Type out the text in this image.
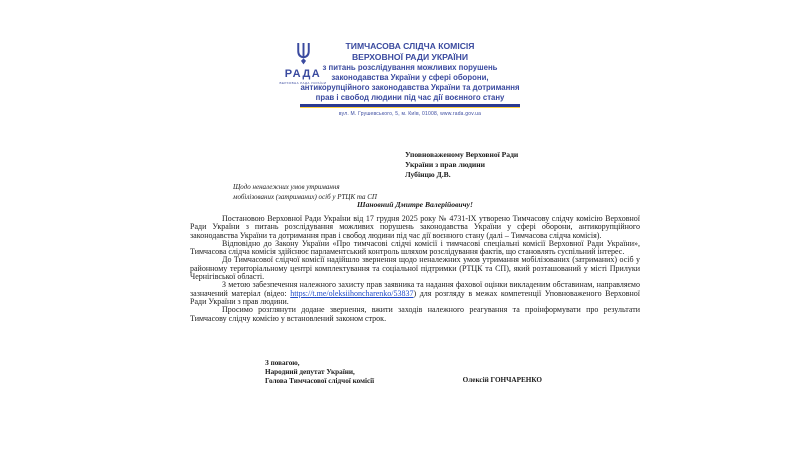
РАДА
ВЕРХОВНА РАДА УКРАЇНИ
ТИМЧАСОВА СЛІДЧА КОМІСІЯ
ВЕРХОВНОЇ РАДИ УКРАЇНИ
з питань розслідування можливих порушень
законодавства України у сфері оборони,
антикорупційного законодавства України та дотримання
прав і свобод людини під час дії воєнного стану
вул. М. Грушевського, 5, м. Київ, 01008, www.rada.gov.ua
Уповноваженому Верховної Ради
України з прав людини
Лубінцю Д.В.
Щодо неналежних умов утримання
мобілізованих (затриманих) осіб у РТЦК та СП
Шановний Дмитре Валерійовичу!

Постановою Верховної Ради України від 17 грудня 2025 року № 4731-ІХ утворено Тимчасову слідчу комісію Верховної Ради України з питань розслідування можливих порушень законодавства України у сфері оборони, антикорупційного законодавства України та дотримання прав і свобод людини під час дії воєнного стану (далі – Тимчасова слідча комісія).

Відповідно до Закону України «Про тимчасові слідчі комісії і тимчасові спеціальні комісії Верховної Ради України», Тимчасова слідча комісія здійснює парламентський контроль шляхом розслідування фактів, що становлять суспільний інтерес.

До Тимчасової слідчої комісії надійшло звернення щодо неналежних умов утримання мобілізованих (затриманих) осіб у районному територіальному центрі комплектування та соціальної підтримки (РТЦК та СП), який розташований у місті Прилуки Чернігівської області.

З метою забезпечення належного захисту прав заявника та надання фахової оцінки викладеним обставинам, направляємо зазначений матеріал (відео: https://t.me/oleksiihoncharenko/53837) для розгляду в межах компетенції Уповноваженого Верховної Ради України з прав людини.

Просимо розглянути додане звернення, вжити заходів належного реагування та проінформувати про результати Тимчасову слідчу комісію у встановлений законом строк.

З повагою,
Народний депутат України,
Голова Тимчасової слідчої комісії	Олексій ГОНЧАРЕНКО
